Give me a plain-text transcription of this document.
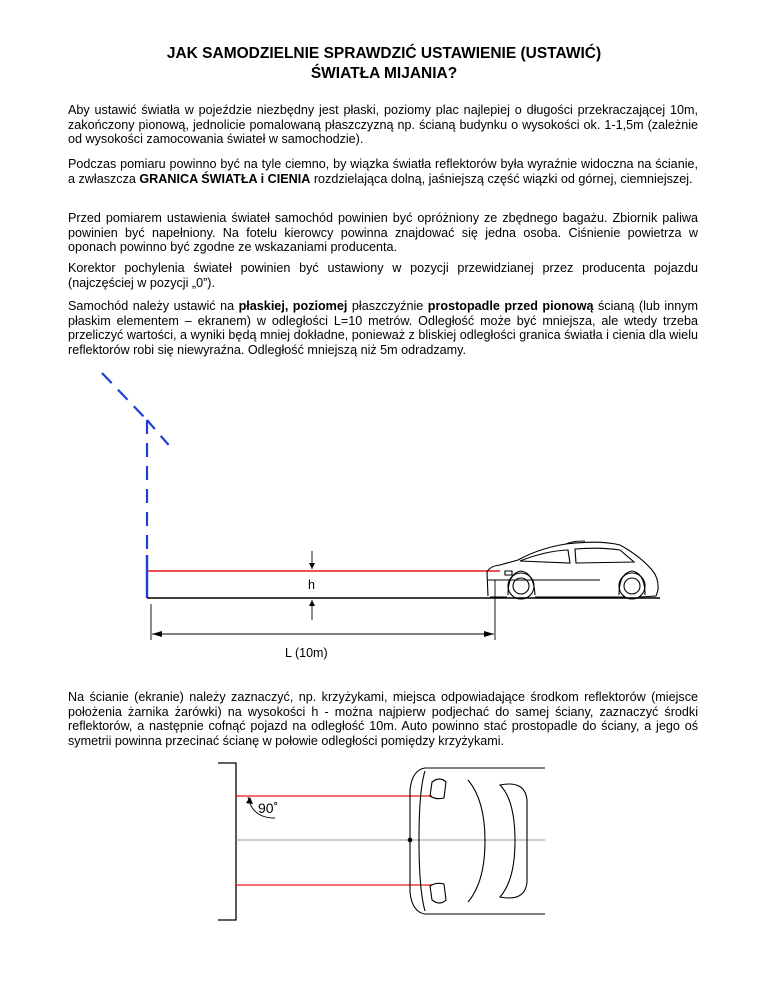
JAK SAMODZIELNIE SPRAWDZIĆ USTAWIENIE (USTAWIĆ)
ŚWIATŁA MIJANIA?

Aby ustawić światła w pojeździe niezbędny jest płaski, poziomy plac najlepiej o długości przekraczającej 10m, zakończony pionową, jednolicie pomalowaną płaszczyzną np. ścianą budynku o wysokości ok. 1-1,5m (zależnie od wysokości zamocowania świateł w samochodzie).

Podczas pomiaru powinno być na tyle ciemno, by wiązka światła reflektorów była wyraźnie widoczna na ścianie, a zwłaszcza GRANICA ŚWIATŁA i CIENIA rozdzielająca dolną, jaśniejszą część wiązki od górnej, ciemniejszej.

Przed pomiarem ustawienia świateł samochód powinien być opróżniony ze zbędnego bagażu. Zbiornik paliwa powinien być napełniony. Na fotelu kierowcy powinna znajdować się jedna osoba. Ciśnienie powietrza w oponach powinno być zgodne ze wskazaniami producenta.

Korektor pochylenia świateł powinien być ustawiony w pozycji przewidzianej przez producenta pojazdu (najczęściej w pozycji „0”).

Samochód należy ustawić na płaskiej, poziomej płaszczyźnie prostopadle przed pionową ścianą (lub innym płaskim elementem – ekranem) w odległości L=10 metrów. Odległość może być mniejsza, ale wtedy trzeba przeliczyć wartości, a wyniki będą mniej dokładne, ponieważ z bliskiej odległości granica światła i cienia dla wielu reflektorów robi się niewyraźna. Odległość mniejszą niż 5m odradzamy.

Na ścianie (ekranie) należy zaznaczyć, np. krzyżykami, miejsca odpowiadające środkom reflektorów (miejsce położenia żarnika żarówki) na wysokości h - można najpierw podjechać do samej ściany, zaznaczyć środki reflektorów, a następnie cofnąć pojazd na odległość 10m. Auto powinno stać prostopadle do ściany, a jego oś symetrii powinna przecinać ścianę w połowie odległości pomiędzy krzyżykami.

h
L (10m)
90˚
